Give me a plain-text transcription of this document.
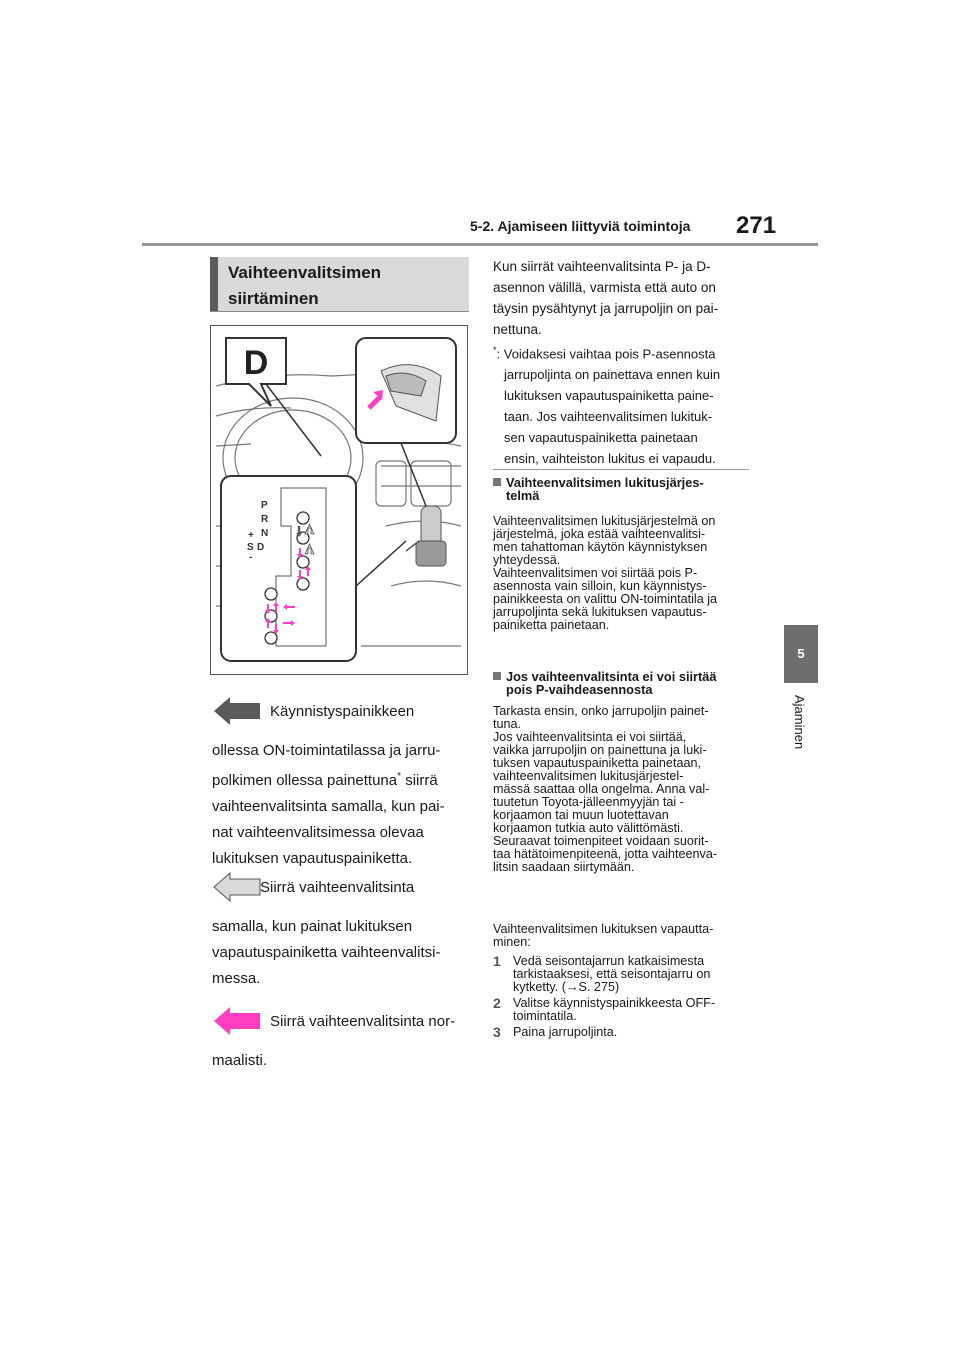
5-2. Ajamiseen liittyviä toimintoja 271
5
Ajaminen
Vaihteenvalitsimen
siirtäminen
D
P
R
N
D
S
+
-
Käynnistyspainikkeen
ollessa ON-toimintatilassa ja jarru-
polkimen ollessa painettuna* siirrä
vaihteenvalitsinta samalla, kun pai-
nat vaihteenvalitsimessa olevaa
lukituksen vapautuspainiketta.
Siirrä vaihteenvalitsinta
samalla, kun painat lukituksen
vapautuspainiketta vaihteenvalitsi-
messa.
Siirrä vaihteenvalitsinta nor-
maalisti.
Kun siirrät vaihteenvalitsinta P- ja D-
asennon välillä, varmista että auto on
täysin pysähtynyt ja jarrupoljin on pai-
nettuna.
*: Voidaksesi vaihtaa pois P-asennosta
jarrupoljinta on painettava ennen kuin
lukituksen vapautuspainiketta paine-
taan. Jos vaihteenvalitsimen lukituk-
sen vapautuspainiketta painetaan
ensin, vaihteiston lukitus ei vapaudu.
Vaihteenvalitsimen lukitusjärjes-
telmä
Vaihteenvalitsimen lukitusjärjestelmä on
järjestelmä, joka estää vaihteenvalitsi-
men tahattoman käytön käynnistyksen
yhteydessä.
Vaihteenvalitsimen voi siirtää pois P-
asennosta vain silloin, kun käynnistys-
painikkeesta on valittu ON-toimintatila ja
jarrupoljinta sekä lukituksen vapautus-
painiketta painetaan.
Jos vaihteenvalitsinta ei voi siirtää
pois P-vaihdeasennosta
Tarkasta ensin, onko jarrupoljin painet-
tuna.
Jos vaihteenvalitsinta ei voi siirtää,
vaikka jarrupoljin on painettuna ja luki-
tuksen vapautuspainiketta painetaan,
vaihteenvalitsimen lukitusjärjestel-
mässä saattaa olla ongelma. Anna val-
tuutetun Toyota-jälleenmyyjän tai -
korjaamon tai muun luotettavan
korjaamon tutkia auto välittömästi.
Seuraavat toimenpiteet voidaan suorit-
taa hätätoimenpiteenä, jotta vaihteenva-
litsin saadaan siirtymään.
Vaihteenvalitsimen lukituksen vapautta-
minen:
1 Vedä seisontajarrun katkaisimesta
tarkistaaksesi, että seisontajarru on
kytketty. (→S. 275)
2 Valitse käynnistyspainikkeesta OFF-
toimintatila.
3 Paina jarrupoljinta.
